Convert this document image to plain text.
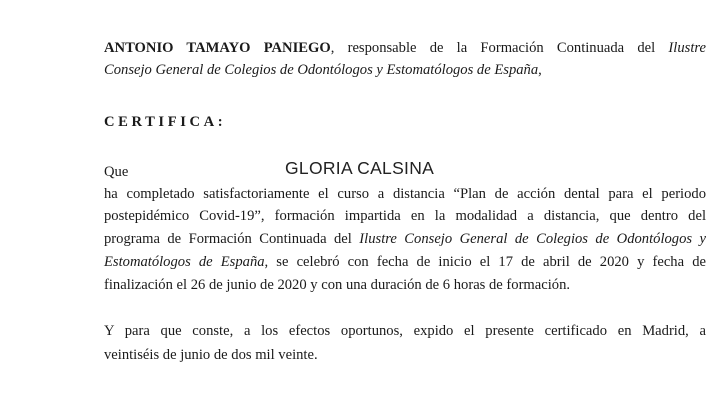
ANTONIO TAMAYO PANIEGO, responsable de la Formación Continuada del Ilustre
Consejo General de Colegios de Odontólogos y Estomatólogos de España,
CERTIFICA:
Que	GLORIA CALSINA
ha completado satisfactoriamente el curso a distancia “Plan de acción dental para el periodo
postepidémico Covid-19”, formación impartida en la modalidad a distancia, que dentro del
programa de Formación Continuada del Ilustre Consejo General de Colegios de Odontólogos y
Estomatólogos de España, se celebró con fecha de inicio el 17 de abril de 2020 y fecha de
finalización el 26 de junio de 2020 y con una duración de 6 horas de formación.
Y para que conste, a los efectos oportunos, expido el presente certificado en Madrid, a
veintiséis de junio de dos mil veinte.
